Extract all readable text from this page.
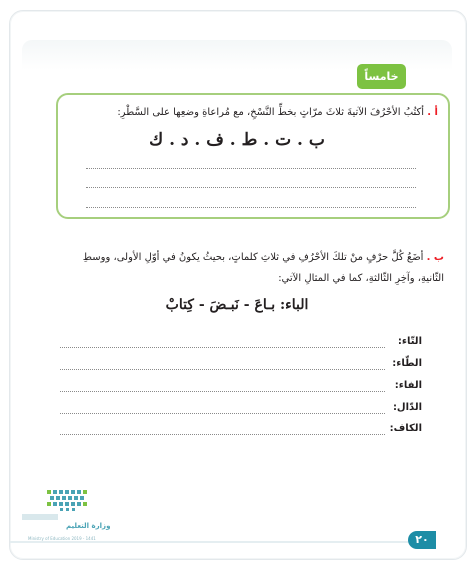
خامساً
أ . أكتُبُ الأحْرُفَ الآتيةَ ثلاثَ مرّاتٍ بخطِّ النَّسْخِ، مع مُراعاةِ وضعِها على السَّطْرِ:
ب . ت . ط . ف . د . ك
ب . أضَعُ كُلَّ حرْفٍ منْ تلكَ الأحْرُفِ في ثلاثِ كلماتٍ، بحيثُ يكونُ في أوّلِ الأولى، ووسطِ
الثّانيةِ، وآخِرِ الثّالثةِ، كما في المثالِ الآتي:
الباء: بـاعَ - نَبـضَ - كِتابْ
التّاء:
الطّاء:
الفاء:
الدّال:
الكاف:
وزارة التعليم
Ministry of Education 2019 - 1441	٢٠
